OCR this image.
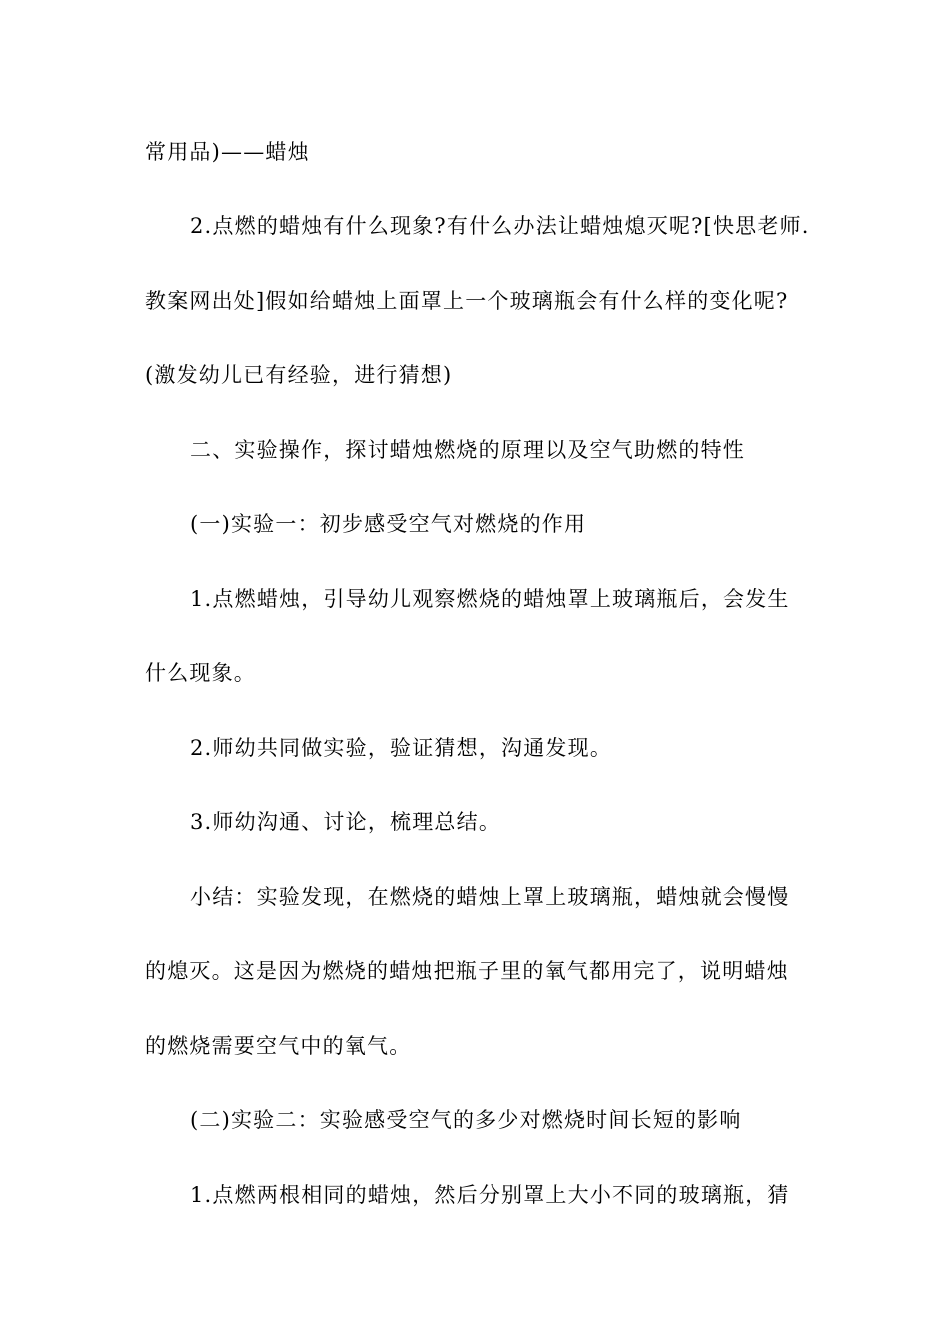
常用品)——蜡烛
2.点燃的蜡烛有什么现象?有什么办法让蜡烛熄灭呢?[快思老师.
教案网出处]假如给蜡烛上面罩上一个玻璃瓶会有什么样的变化呢?
(激发幼儿已有经验，进行猜想)
二、实验操作，探讨蜡烛燃烧的原理以及空气助燃的特性
(一)实验一：初步感受空气对燃烧的作用
1.点燃蜡烛，引导幼儿观察燃烧的蜡烛罩上玻璃瓶后，会发生
什么现象。
2.师幼共同做实验，验证猜想，沟通发现。
3.师幼沟通、讨论，梳理总结。
小结：实验发现，在燃烧的蜡烛上罩上玻璃瓶，蜡烛就会慢慢
的熄灭。这是因为燃烧的蜡烛把瓶子里的氧气都用完了，说明蜡烛
的燃烧需要空气中的氧气。
(二)实验二：实验感受空气的多少对燃烧时间长短的影响
1.点燃两根相同的蜡烛，然后分别罩上大小不同的玻璃瓶，猜
